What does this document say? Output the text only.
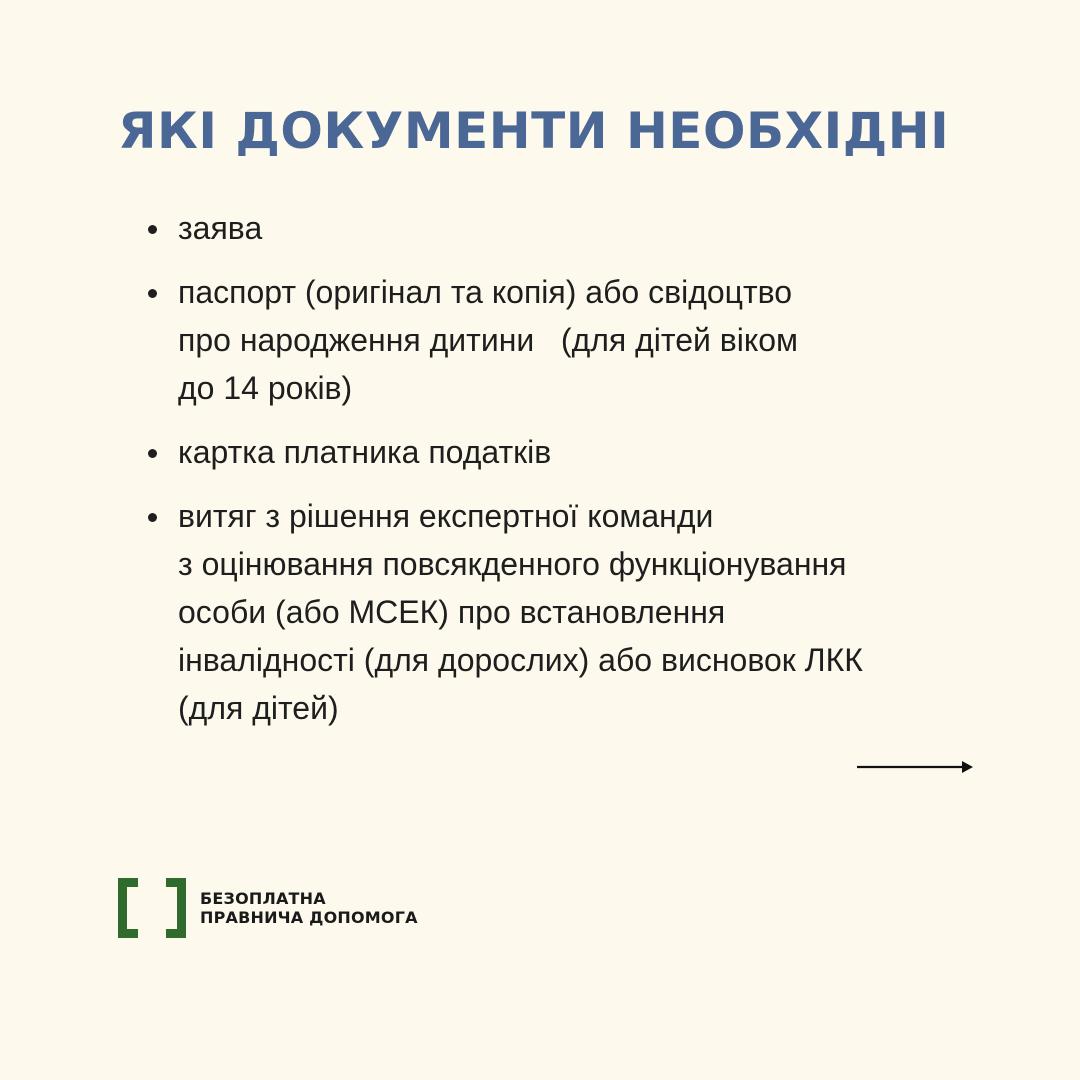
ЯКІ ДОКУМЕНТИ НЕОБХІДНІ
заява
паспорт (оригінал та копія) або свідоцтво
про народження дитини   (для дітей віком
до 14 років)
картка платника податків
витяг з рішення експертної команди
з оцінювання повсякденного функціонування
особи (або МСЕК) про встановлення
інвалідності (для дорослих) або висновок ЛКК
(для дітей)
БЕЗОПЛАТНА
ПРАВНИЧА ДОПОМОГА
